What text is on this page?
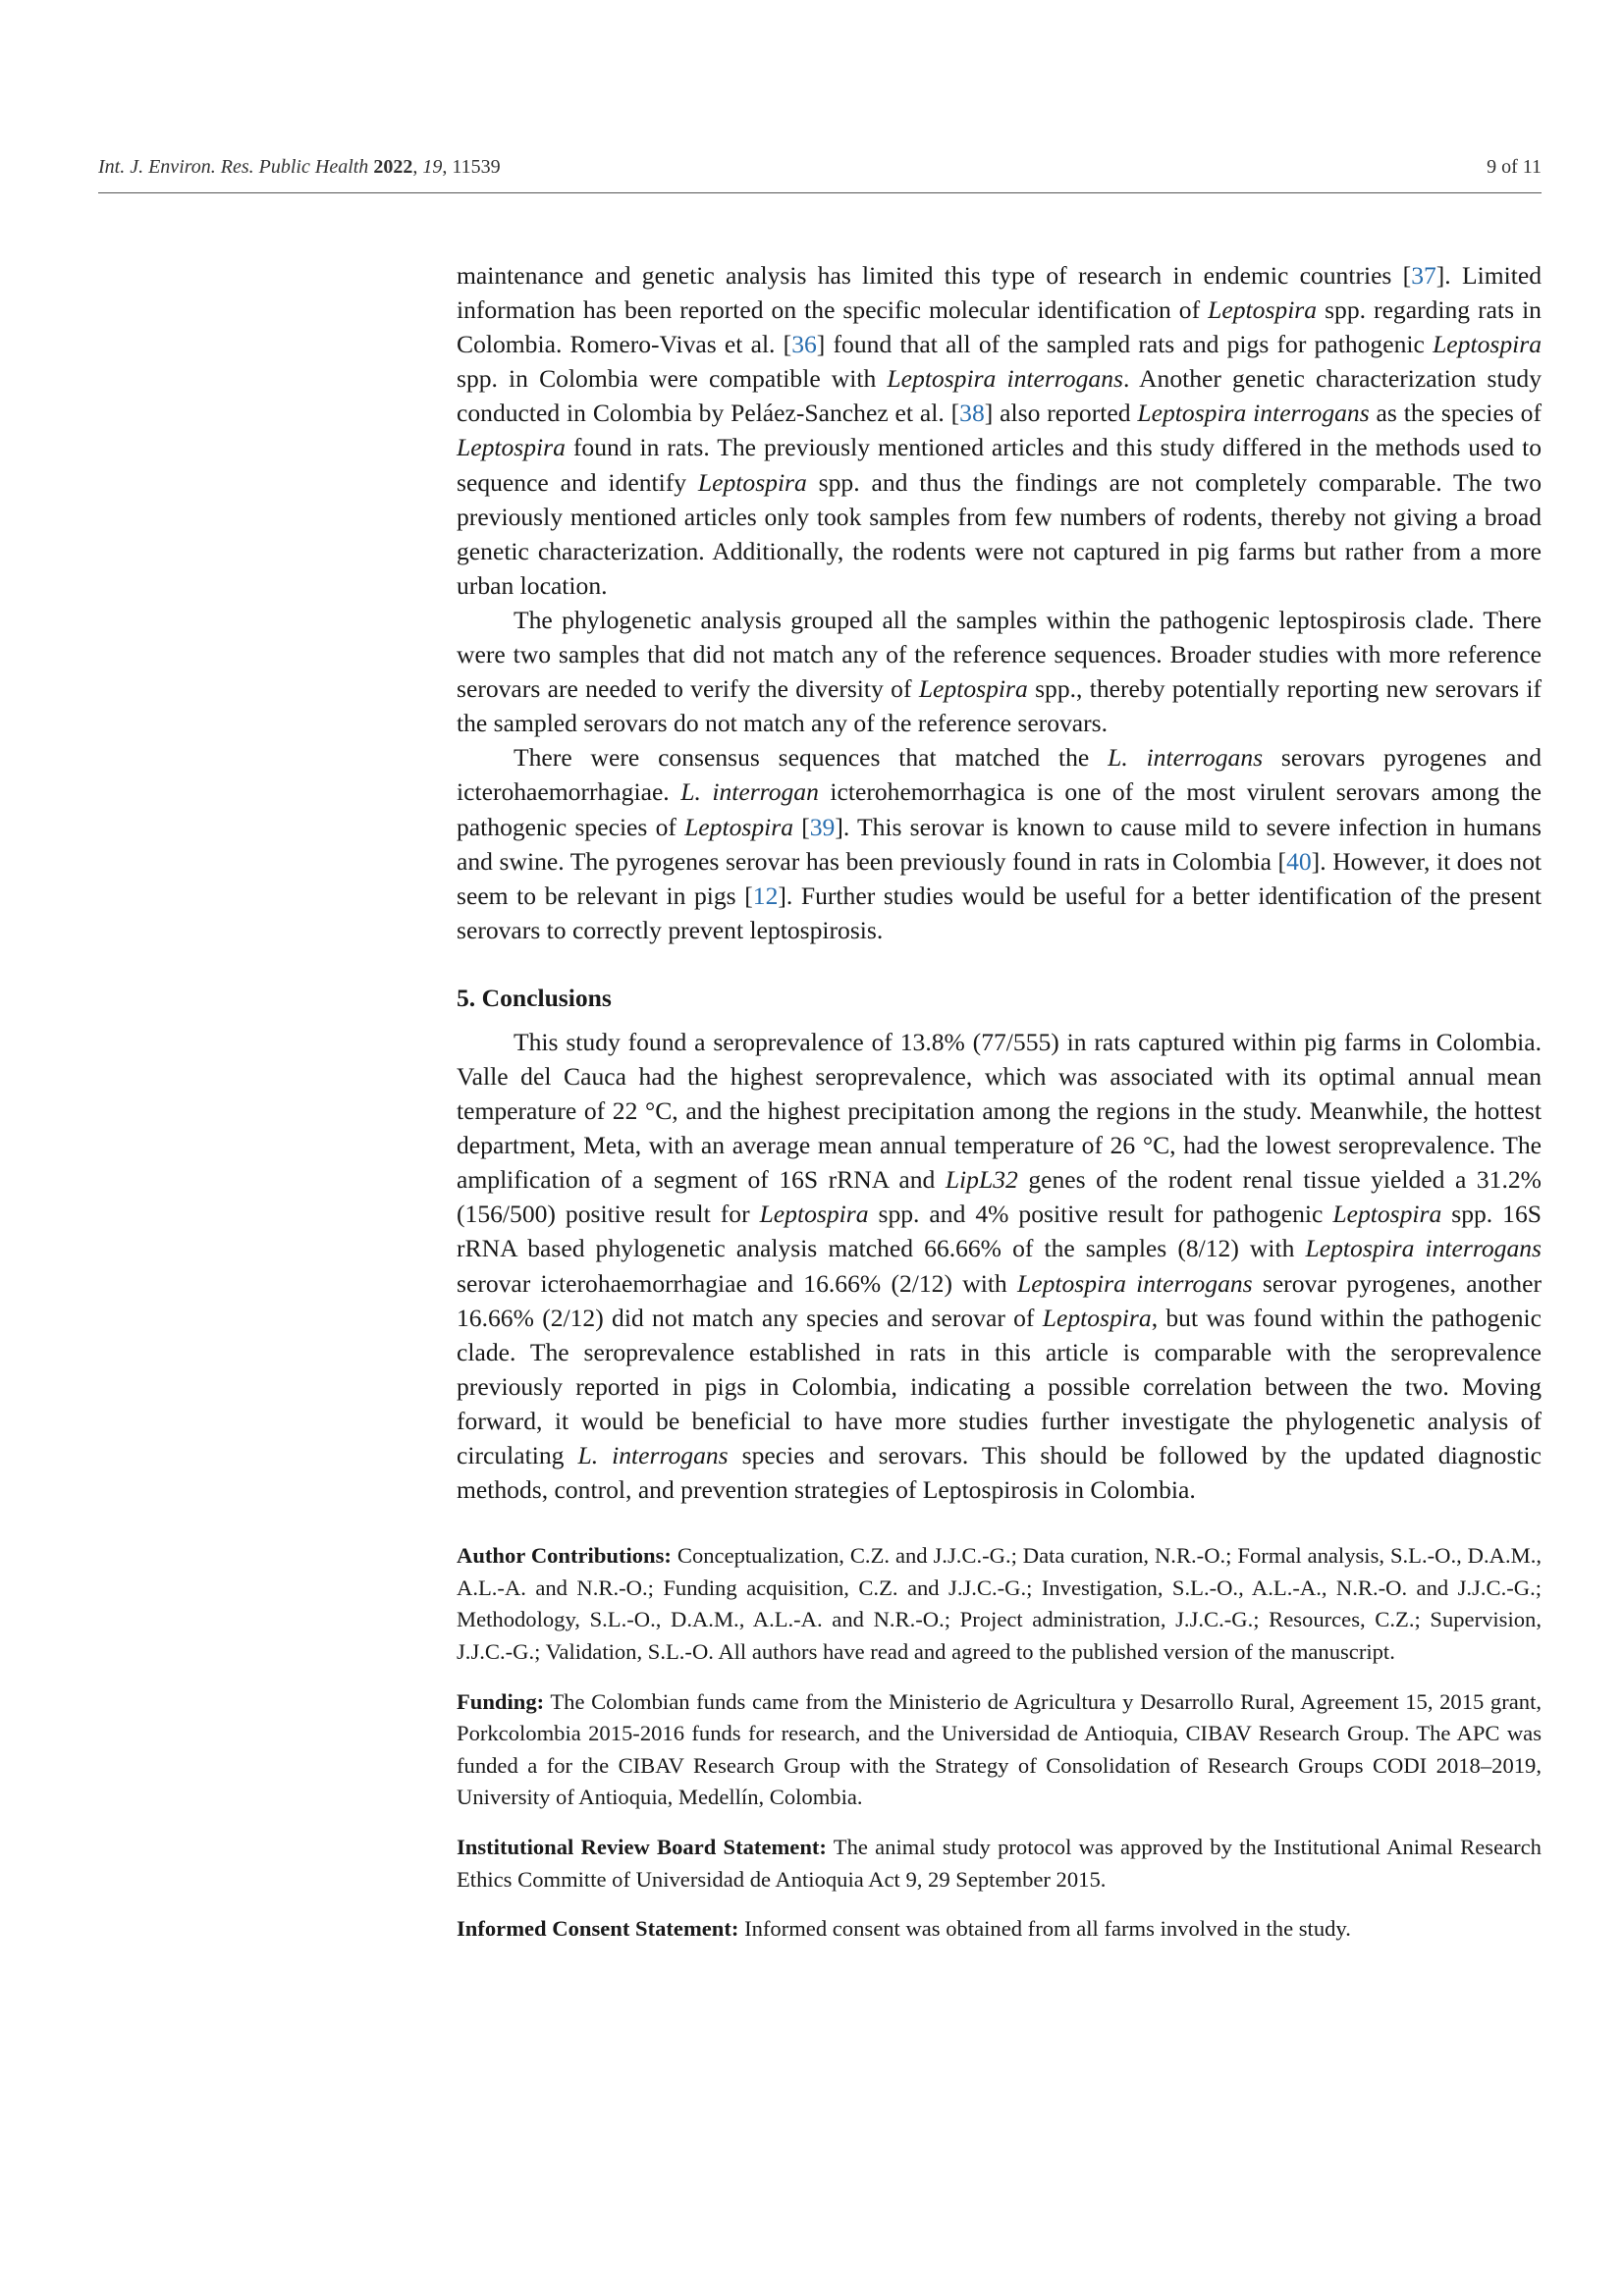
Int. J. Environ. Res. Public Health 2022, 19, 11539	9 of 11

maintenance and genetic analysis has limited this type of research in endemic countries [37]. Limited information has been reported on the specific molecular identification of Leptospira spp. regarding rats in Colombia. Romero-Vivas et al. [36] found that all of the sampled rats and pigs for pathogenic Leptospira spp. in Colombia were compatible with Leptospira interrogans. Another genetic characterization study conducted in Colombia by Peláez-Sanchez et al. [38] also reported Leptospira interrogans as the species of Leptospira found in rats. The previously mentioned articles and this study differed in the methods used to sequence and identify Leptospira spp. and thus the findings are not completely comparable. The two previously mentioned articles only took samples from few numbers of rodents, thereby not giving a broad genetic characterization. Additionally, the rodents were not captured in pig farms but rather from a more urban location.

The phylogenetic analysis grouped all the samples within the pathogenic leptospirosis clade. There were two samples that did not match any of the reference sequences. Broader studies with more reference serovars are needed to verify the diversity of Leptospira spp., thereby potentially reporting new serovars if the sampled serovars do not match any of the reference serovars.

There were consensus sequences that matched the L. interrogans serovars pyrogenes and icterohaemorrhagiae. L. interrogan icterohemorrhagica is one of the most virulent serovars among the pathogenic species of Leptospira [39]. This serovar is known to cause mild to severe infection in humans and swine. The pyrogenes serovar has been previously found in rats in Colombia [40]. However, it does not seem to be relevant in pigs [12]. Further studies would be useful for a better identification of the present serovars to correctly prevent leptospirosis.

5. Conclusions

This study found a seroprevalence of 13.8% (77/555) in rats captured within pig farms in Colombia. Valle del Cauca had the highest seroprevalence, which was associated with its optimal annual mean temperature of 22 °C, and the highest precipitation among the regions in the study. Meanwhile, the hottest department, Meta, with an average mean annual temperature of 26 °C, had the lowest seroprevalence. The amplification of a segment of 16S rRNA and LipL32 genes of the rodent renal tissue yielded a 31.2% (156/500) positive result for Leptospira spp. and 4% positive result for pathogenic Leptospira spp. 16S rRNA based phylogenetic analysis matched 66.66% of the samples (8/12) with Leptospira interrogans serovar icterohaemorrhagiae and 16.66% (2/12) with Leptospira interrogans serovar pyrogenes, another 16.66% (2/12) did not match any species and serovar of Leptospira, but was found within the pathogenic clade. The seroprevalence established in rats in this article is comparable with the seroprevalence previously reported in pigs in Colombia, indicating a possible correlation between the two. Moving forward, it would be beneficial to have more studies further investigate the phylogenetic analysis of circulating L. interrogans species and serovars. This should be followed by the updated diagnostic methods, control, and prevention strategies of Leptospirosis in Colombia.

Author Contributions: Conceptualization, C.Z. and J.J.C.-G.; Data curation, N.R.-O.; Formal analysis, S.L.-O., D.A.M., A.L.-A. and N.R.-O.; Funding acquisition, C.Z. and J.J.C.-G.; Investigation, S.L.-O., A.L.-A., N.R.-O. and J.J.C.-G.; Methodology, S.L.-O., D.A.M., A.L.-A. and N.R.-O.; Project administration, J.J.C.-G.; Resources, C.Z.; Supervision, J.J.C.-G.; Validation, S.L.-O. All authors have read and agreed to the published version of the manuscript.

Funding: The Colombian funds came from the Ministerio de Agricultura y Desarrollo Rural, Agreement 15, 2015 grant, Porkcolombia 2015-2016 funds for research, and the Universidad de Antioquia, CIBAV Research Group. The APC was funded a for the CIBAV Research Group with the Strategy of Consolidation of Research Groups CODI 2018–2019, University of Antioquia, Medellín, Colombia.

Institutional Review Board Statement: The animal study protocol was approved by the Institutional Animal Research Ethics Committe of Universidad de Antioquia Act 9, 29 September 2015.

Informed Consent Statement: Informed consent was obtained from all farms involved in the study.
